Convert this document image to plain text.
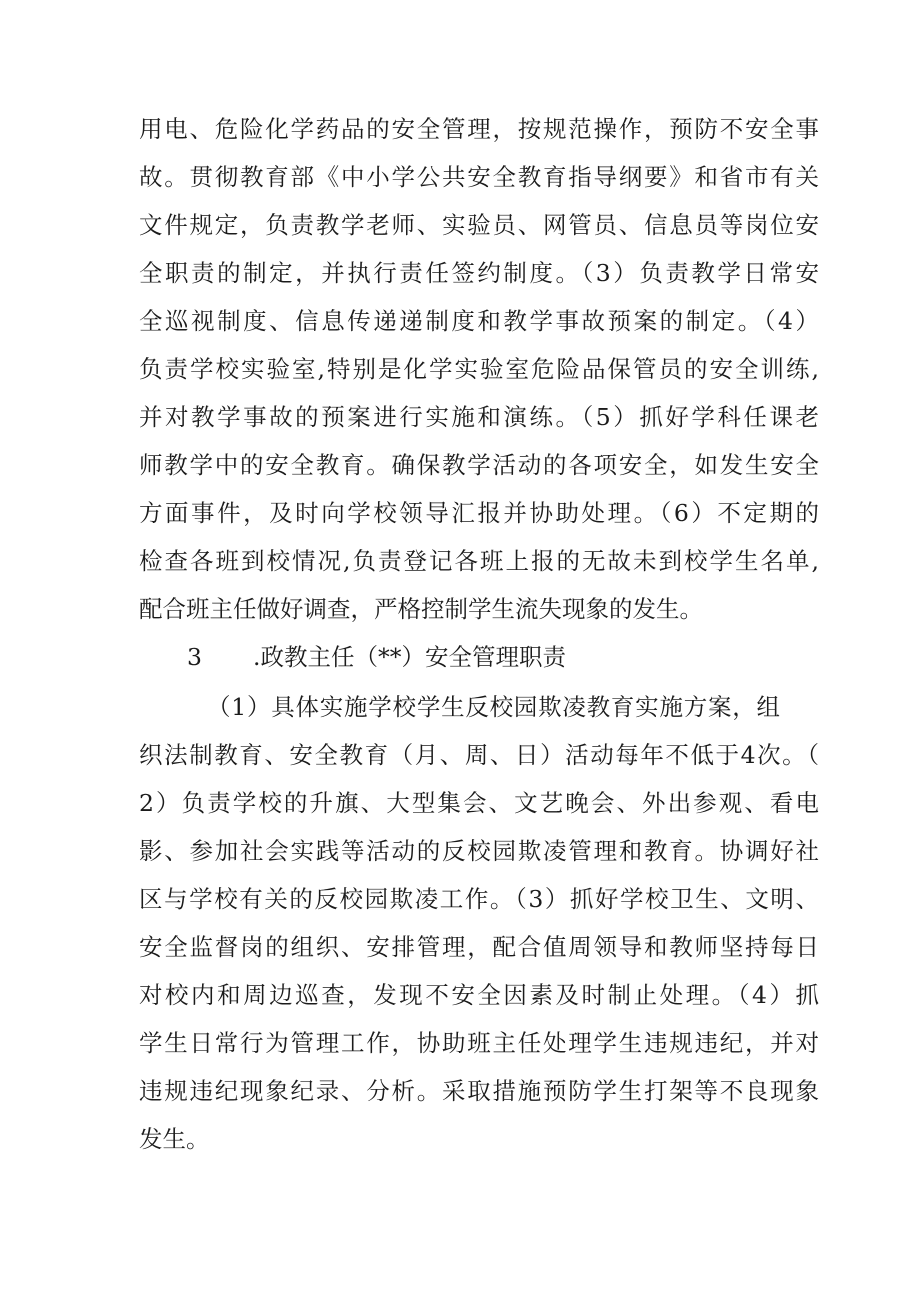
用电、危险化学药品的安全管理，按规范操作，预防不安全事
故。贯彻教育部《中小学公共安全教育指导纲要》和省市有关
文件规定，负责教学老师、实验员、网管员、信息员等岗位安
全职责的制定，并执行责任签约制度。（3）负责教学日常安
全巡视制度、信息传递递制度和教学事故预案的制定。（4）
负责学校实验室,特别是化学实验室危险品保管员的安全训练,
并对教学事故的预案进行实施和演练。（5）抓好学科任课老
师教学中的安全教育。确保教学活动的各项安全，如发生安全
方面事件，及时向学校领导汇报并协助处理。（6）不定期的
检查各班到校情况,负责登记各班上报的无故未到校学生名单,
配合班主任做好调查，严格控制学生流失现象的发生。
3 .政教主任（**）安全管理职责
（1）具体实施学校学生反校园欺凌教育实施方案，组
织法制教育、安全教育（月、周、日）活动每年不低于4次。（
2）负责学校的升旗、大型集会、文艺晚会、外出参观、看电
影、参加社会实践等活动的反校园欺凌管理和教育。协调好社
区与学校有关的反校园欺凌工作。（3）抓好学校卫生、文明、
安全监督岗的组织、安排管理，配合值周领导和教师坚持每日
对校内和周边巡查，发现不安全因素及时制止处理。（4）抓
学生日常行为管理工作，协助班主任处理学生违规违纪，并对
违规违纪现象纪录、分析。采取措施预防学生打架等不良现象
发生。
